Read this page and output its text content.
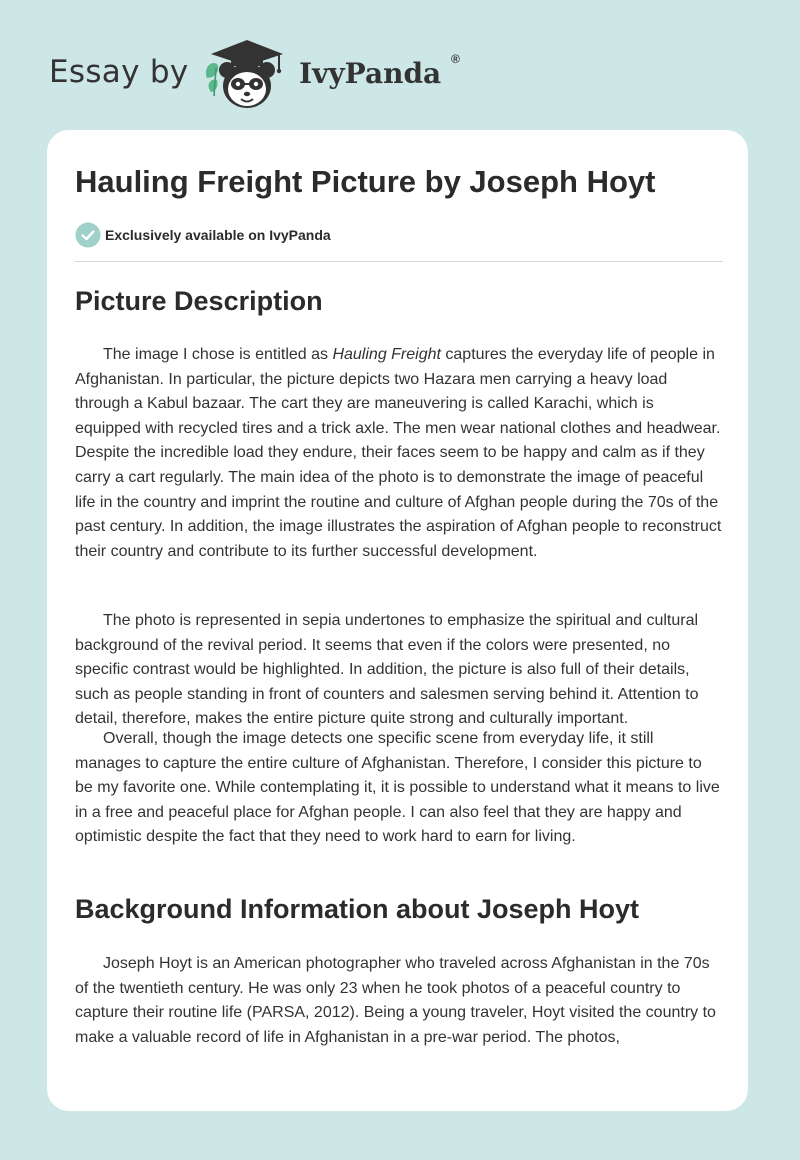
Essay by	IvyPanda ®
Hauling Freight Picture by Joseph Hoyt
Exclusively available on IvyPanda
Picture Description

The image I chose is entitled as Hauling Freight captures the everyday life of people in Afghanistan. In particular, the picture depicts two Hazara men carrying a heavy load through a Kabul bazaar. The cart they are maneuvering is called Karachi, which is equipped with recycled tires and a trick axle. The men wear national clothes and headwear. Despite the incredible load they endure, their faces seem to be happy and calm as if they carry a cart regularly. The main idea of the photo is to demonstrate the image of peaceful life in the country and imprint the routine and culture of Afghan people during the 70s of the past century. In addition, the image illustrates the aspiration of Afghan people to reconstruct their country and contribute to its further successful development.

The photo is represented in sepia undertones to emphasize the spiritual and cultural background of the revival period. It seems that even if the colors were presented, no specific contrast would be highlighted. In addition, the picture is also full of their details, such as people standing in front of counters and salesmen serving behind it. Attention to detail, therefore, makes the entire picture quite strong and culturally important.

Overall, though the image detects one specific scene from everyday life, it still manages to capture the entire culture of Afghanistan. Therefore, I consider this picture to be my favorite one. While contemplating it, it is possible to understand what it means to live in a free and peaceful place for Afghan people. I can also feel that they are happy and optimistic despite the fact that they need to work hard to earn for living.

Background Information about Joseph Hoyt

Joseph Hoyt is an American photographer who traveled across Afghanistan in the 70s of the twentieth century. He was only 23 when he took photos of a peaceful country to capture their routine life (PARSA, 2012). Being a young traveler, Hoyt visited the country to make a valuable record of life in Afghanistan in a pre-war period. The photos,
